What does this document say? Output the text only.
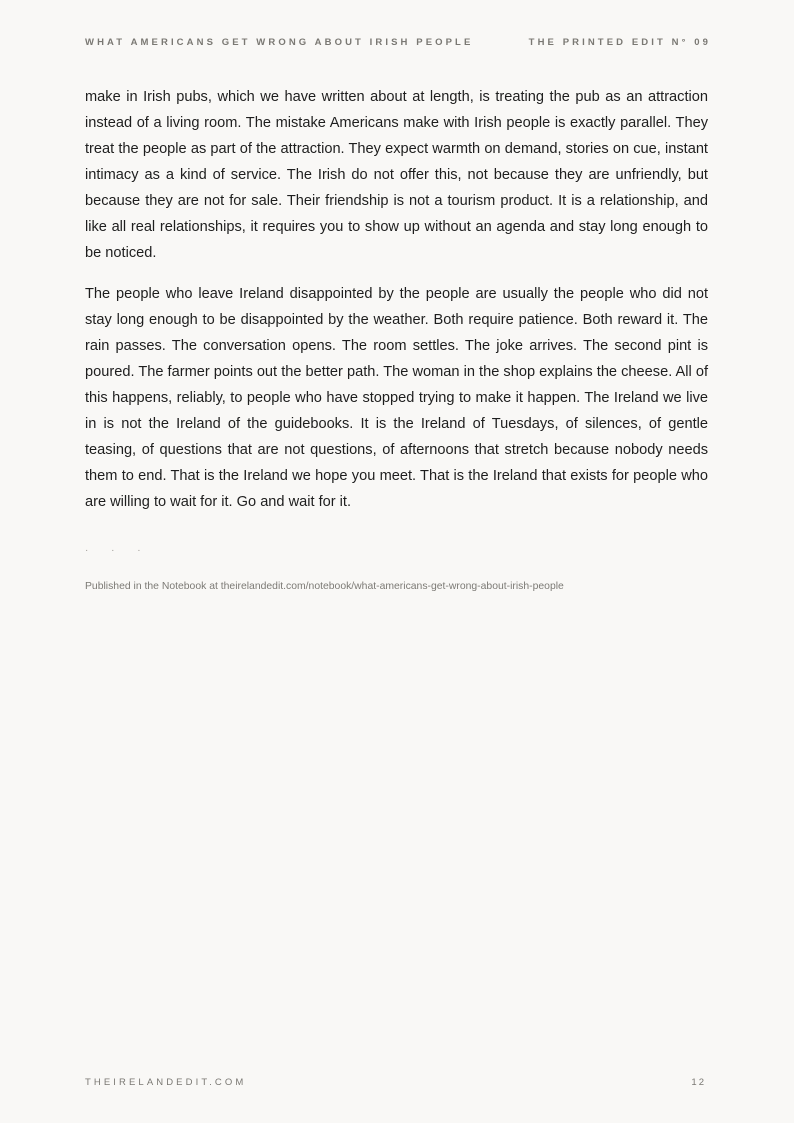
WHAT AMERICANS GET WRONG ABOUT IRISH PEOPLE	THE PRINTED EDIT N° 09

make in Irish pubs, which we have written about at length, is treating the pub as an attraction instead of a living room. The mistake Americans make with Irish people is exactly parallel. They treat the people as part of the attraction. They expect warmth on demand, stories on cue, instant intimacy as a kind of service. The Irish do not offer this, not because they are unfriendly, but because they are not for sale. Their friendship is not a tourism product. It is a relationship, and like all real relationships, it requires you to show up without an agenda and stay long enough to be noticed.

The people who leave Ireland disappointed by the people are usually the people who did not stay long enough to be disappointed by the weather. Both require patience. Both reward it. The rain passes. The conversation opens. The room settles. The joke arrives. The second pint is poured. The farmer points out the better path. The woman in the shop explains the cheese. All of this happens, reliably, to people who have stopped trying to make it happen. The Ireland we live in is not the Ireland of the guidebooks. It is the Ireland of Tuesdays, of silences, of gentle teasing, of questions that are not questions, of afternoons that stretch because nobody needs them to end. That is the Ireland we hope you meet. That is the Ireland that exists for people who are willing to wait for it. Go and wait for it.

· · ·
Published in the Notebook at theirelandedit.com/notebook/what-americans-get-wrong-about-irish-people
THEIRELANDEDIT.COM	12
